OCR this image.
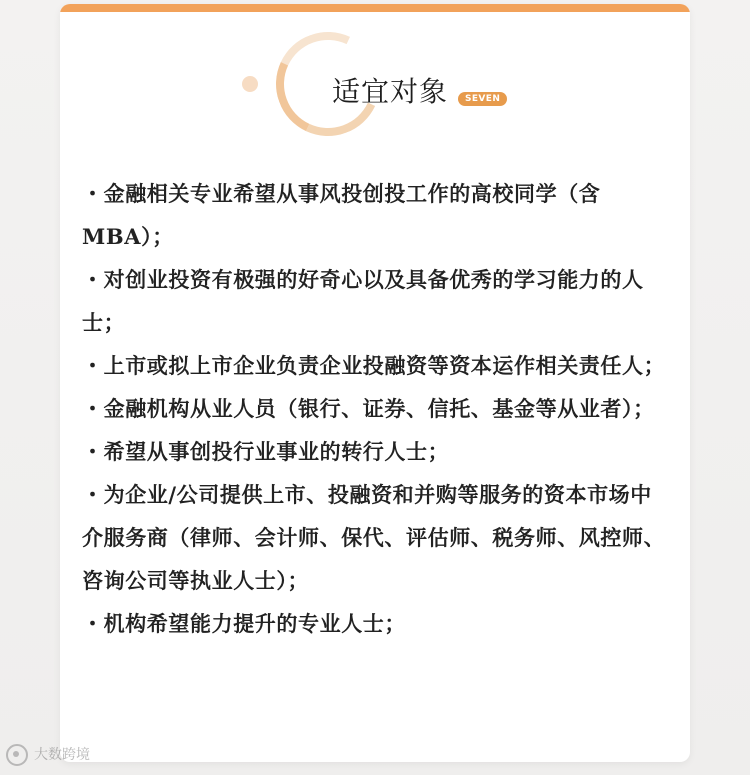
适宜对象	SEVEN

・金融相关专业希望从事风投创投工作的高校同学（含MBA）；

・对创业投资有极强的好奇心以及具备优秀的学习能力的人士；

・上市或拟上市企业负责企业投融资等资本运作相关责任人；

・金融机构从业人员（银行、证券、信托、基金等从业者）；

・希望从事创投行业事业的转行人士；

・为企业/公司提供上市、投融资和并购等服务的资本市场中介服务商（律师、会计师、保代、评估师、税务师、风控师、咨询公司等执业人士）；

・机构希望能力提升的专业人士；

大数跨境
